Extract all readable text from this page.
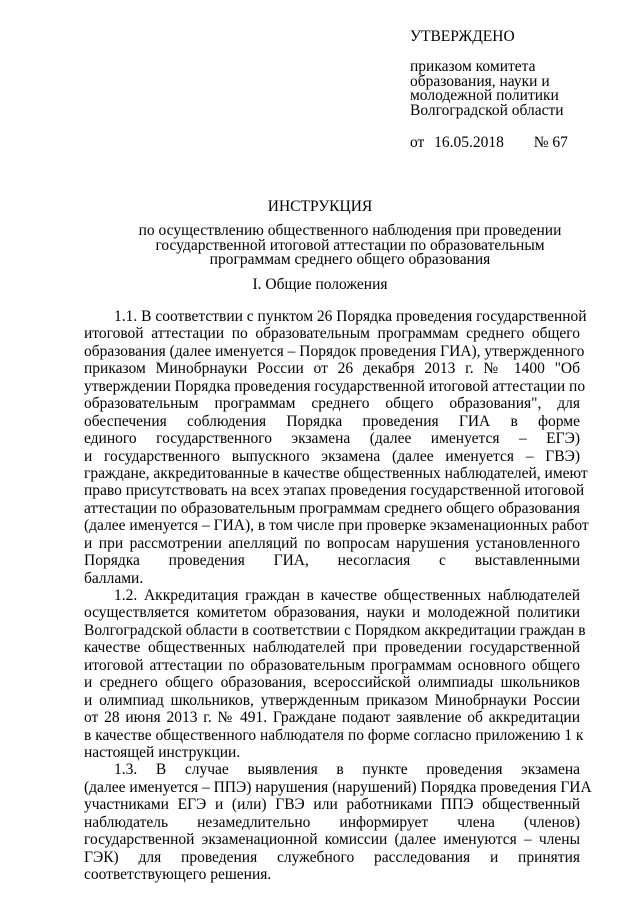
УТВЕРЖДЕНО
приказом комитета
образования, науки и
молодежной политики
Волгоградской области
от 16.05.2018 № 67
ИНСТРУКЦИЯ
по осуществлению общественного наблюдения при проведении
государственной итоговой аттестации по образовательным
программам среднего общего образования
I. Общие положения
1.1. В соответствии с пунктом 26 Порядка проведения государственной
итоговой аттестации по образовательным программам среднего общего
образования (далее именуется – Порядок проведения ГИА), утвержденного
приказом Минобрнауки России от 26 декабря 2013 г. № 1400 "Об
утверждении Порядка проведения государственной итоговой аттестации по
образовательным программам среднего общего образования", для
обеспечения соблюдения Порядка проведения ГИА в форме
единого государственного экзамена (далее именуется – ЕГЭ)
и государственного выпускного экзамена (далее именуется – ГВЭ)
граждане, аккредитованные в качестве общественных наблюдателей, имеют
право присутствовать на всех этапах проведения государственной итоговой
аттестации по образовательным программам среднего общего образования
(далее именуется – ГИА), в том числе при проверке экзаменационных работ
и при рассмотрении апелляций по вопросам нарушения установленного
Порядка проведения ГИА, несогласия с выставленными
баллами.
1.2. Аккредитация граждан в качестве общественных наблюдателей
осуществляется комитетом образования, науки и молодежной политики
Волгоградской области в соответствии с Порядком аккредитации граждан в
качестве общественных наблюдателей при проведении государственной
итоговой аттестации по образовательным программам основного общего
и среднего общего образования, всероссийской олимпиады школьников
и олимпиад школьников, утвержденным приказом Минобрнауки России
от 28 июня 2013 г. № 491. Граждане подают заявление об аккредитации
в качестве общественного наблюдателя по форме согласно приложению 1 к
настоящей инструкции.
1.3. В случае выявления в пункте проведения экзамена
(далее именуется – ППЭ) нарушения (нарушений) Порядка проведения ГИА
участниками ЕГЭ и (или) ГВЭ или работниками ППЭ общественный
наблюдатель незамедлительно информирует члена (членов)
государственной экзаменационной комиссии (далее именуются – члены
ГЭК) для проведения служебного расследования и принятия
соответствующего решения.
